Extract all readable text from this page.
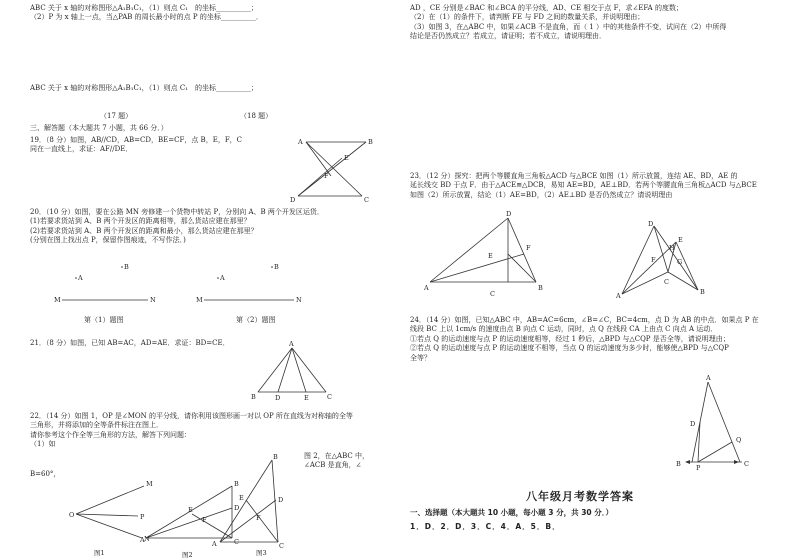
ABC 关于 x 轴的对称图形△A₁B₁C₁，（1）则点 C₁　的坐标__________；
（2）P 为 x 轴上一点，当△PAB 的周长最小时的点 P 的坐标__________．
ABC 关于 x 轴的对称图形△A₁B₁C₁，（1）则点 C₁　的坐标__________；
（17 题）	（18 题）
三、解答题（本大题共 7 小题，共 66 分．）
19．（8 分）如图，AB//CD，AB=CD，BE=CF，点 B，E，F，C
同在一直线上，求证：AF//DE．
A	B
E
F
C
D
20．（10 分）如图，要在公路 MN 旁修建一个货物中转站 P，分别向 A、B 两个开发区运货．
(1)若要求货站到 A、B 两个开发区的距离相等，那么货站应建在那里？
(2)若要求货站到 A、B 两个开发区的距离和最小，那么货站应建在那里？
(分别在图上找出点 P，保留作图痕迹，不写作法．)
A
B
M	N
第（1）题图
A
B
M	N
第（2）题图
21．（8 分）如图，已知 AB=AC，AD=AE．求证：BD=CE．	A
B	D	E	C
22．（14 分）如图 1，OP 是∠MON 的平分线，请你利用该图形画一对以 OP 所在直线为对称轴的全等
三角形，并将添加的全等条件标注在图上．
请你参考这个作全等三角形的方法，解答下列问题：
（1）如
B=60°，
图 2，在△ABC 中，
∠ACB 是直角，∠
M
O	P
N
图1
A
B
C
D
E
F
图2
A
B
C
D
E
F
图3
AD ，CE 分别是∠BAC 和∠BCA 的平分线，AD、CE 相交于点 F，求∠EFA 的度数；
（2）在（1）的条件下，请判断 FE 与 FD 之间的数量关系，并说明理由；
（3）如图 3，在△ABC 中，如果∠ACB 不是直角，而（ 1 ）中的其他条件不变，试问在（2）中所得
结论是否仍然成立？若成立，请证明；若不成立，请说明理由．
23．（12 分）探究：把两个等腰直角三角板△ACD 与△BCE 如图（1）所示放置，连结 AE、BD，AE 的
延长线交 BD 于点 F．由于△ACE≌△DCB，易知 AE=BD，AE⊥BD．若两个等腰直角三角板△ACD 与△BCE
如图（2）所示放置，结论（1）AE=BD，（2）AE⊥BD 是否仍然成立？请说明理由
D
E
F
A
C
B
D
E
H
F	G
A
C
B
24．（14 分）如图，已知△ABC 中，AB=AC=6cm，∠B=∠C，BC=4cm，点 D 为 AB 的中点．如果点 P 在
线段 BC 上以 1cm/s 的速度由点 B 向点 C 运动，同时，点 Q 在线段 CA 上由点 C 向点 A 运动．
①若点 Q 的运动速度与点 P 的运动速度相等，经过 1 秒后，△BPD 与△CQP 是否全等，请说明理由；
②若点 Q 的运动速度与点 P 的运动速度不相等，当点 Q 的运动速度为多少时，能够使△BPD 与△CQP
全等？
A
D
Q
B P	C
八年级月考数学答案
一、选择题（本大题共 10 小题，每小题 3 分，共 30 分．）
1．D．2．D．3．C．4．A．5．B．
